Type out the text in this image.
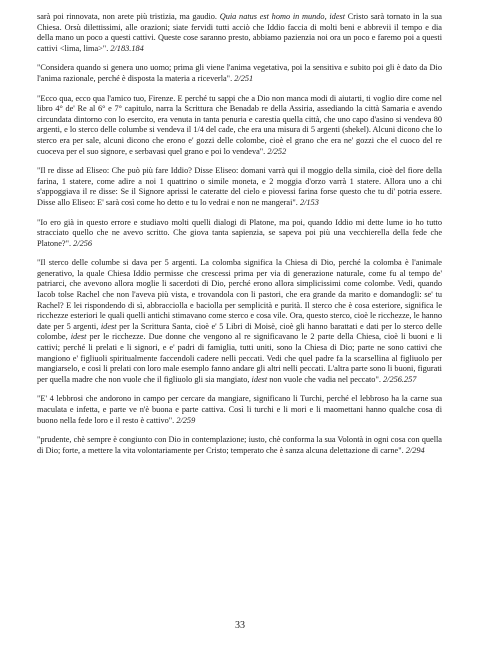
sarà poi rinnovata, non arete più tristizia, ma gaudio. Quia natus est homo in mundo, idest Cristo sarà tornato in la sua Chiesa. Orsù dilettissimi, alle orazioni; siate fervidi tutti acciò che Iddio faccia di molti beni e abbrevii il tempo e dia della mano un poco a questi cattivi. Queste cose saranno presto, abbiamo pazienzia noi ora un poco e faremo poi a questi cattivi <lima, lima>". 2/183.184

"Considera quando si genera uno uomo; prima gli viene l'anima vegetativa, poi la sensitiva e subito poi gli è dato da Dio l'anima razionale, perché è disposta la materia a riceverla". 2/251

"Ecco qua, ecco qua l'amico tuo, Firenze. E perché tu sappi che a Dio non manca modi di aiutarti, ti voglio dire come nel libro 4° de' Re al 6° e 7° capitulo, narra la Scrittura che Benadab re della Assiria, assediando la città Samaria e avendo circundata dintorno con lo esercito, era venuta in tanta penuria e carestia quella città, che uno capo d'asino si vendeva 80 argenti, e lo sterco delle columbe si vendeva il 1/4 del cade, che era una misura di 5 argenti (shekel). Alcuni dicono che lo sterco era per sale, alcuni dicono che erono e' gozzi delle colombe, cioè el grano che era ne' gozzi che el cuoco del re cuoceva per el suo signore, e serbavasi quel grano e poi lo vendeva". 2/252

"Il re disse ad Eliseo: Che può più fare Iddio? Disse Eliseo: domani varrà qui il moggio della simila, cioè del fiore della farina, 1 statere, come adire a noi 1 quattrino o simile moneta, e 2 moggia d'orzo varrà 1 statere. Allora uno a chi s'appoggiava il re disse: Se il Signore aprissi le cateratte del cielo e piovessi farina forse questo che tu di' potria essere. Disse allo Eliseo: E' sarà così come ho detto e tu lo vedrai e non ne mangerai". 2/153

"Io ero già in questo errore e studiavo molti quelli dialogi di Platone, ma poi, quando Iddio mi dette lume io ho tutto stracciato quello che ne avevo scritto. Che giova tanta sapienzia, se sapeva poi più una vecchierella della fede che Platone?". 2/256

"Il sterco delle columbe si dava per 5 argenti. La colomba significa la Chiesa di Dio, perché la colomba è l'animale generativo, la quale Chiesa Iddio permisse che crescessi prima per via di generazione naturale, come fu al tempo de' patriarci, che avevono allora moglie li sacerdoti di Dio, perché erono allora simplicissimi come colombe. Vedi, quando Iacob tolse Rachel che non l'aveva più vista, e trovandola con li pastori, che era grande da marito e domandogli: se' tu Rachel? E lei rispondendo di sì, abbracciolla e baciolla per semplicità e purità. Il sterco che è cosa esteriore, significa le ricchezze esteriori le quali quelli antichi stimavano come sterco e cosa vile. Ora, questo sterco, cioè le ricchezze, le hanno date per 5 argenti, idest per la Scrittura Santa, cioè e' 5 Libri di Moisè, cioè gli hanno barattati e dati per lo sterco delle colombe, idest per le ricchezze. Due donne che vengono al re significavano le 2 parte della Chiesa, cioè li buoni e li cattivi; perché li prelati e li signori, e e' padri di famiglia, tutti uniti, sono la Chiesa di Dio; parte ne sono cattivi che mangiono e' figliuoli spiritualmente faccendoli cadere nelli peccati. Vedi che quel padre fa la scarsellina al figliuolo per mangiarselo, e così li prelati con loro male esemplo fanno andare gli altri nelli peccati. L'altra parte sono li buoni, figurati per quella madre che non vuole che il figliuolo gli sia mangiato, idest non vuole che vadia nel peccato". 2/256.257

"E' 4 lebbrosi che andorono in campo per cercare da mangiare, significano li Turchi, perché el lebbroso ha la carne sua maculata e infetta, e parte ve n'è buona e parte cattiva. Così li turchi e li mori e li maomettani hanno qualche cosa di buono nella fede loro e il resto è cattivo". 2/259

"prudente, chè sempre è congiunto con Dio in contemplazione; iusto, chè conforma la sua Volontà in ogni cosa con quella di Dio; forte, a mettere la vita volontariamente per Cristo; temperato che è sanza alcuna delettazione di carne". 2/294

33
